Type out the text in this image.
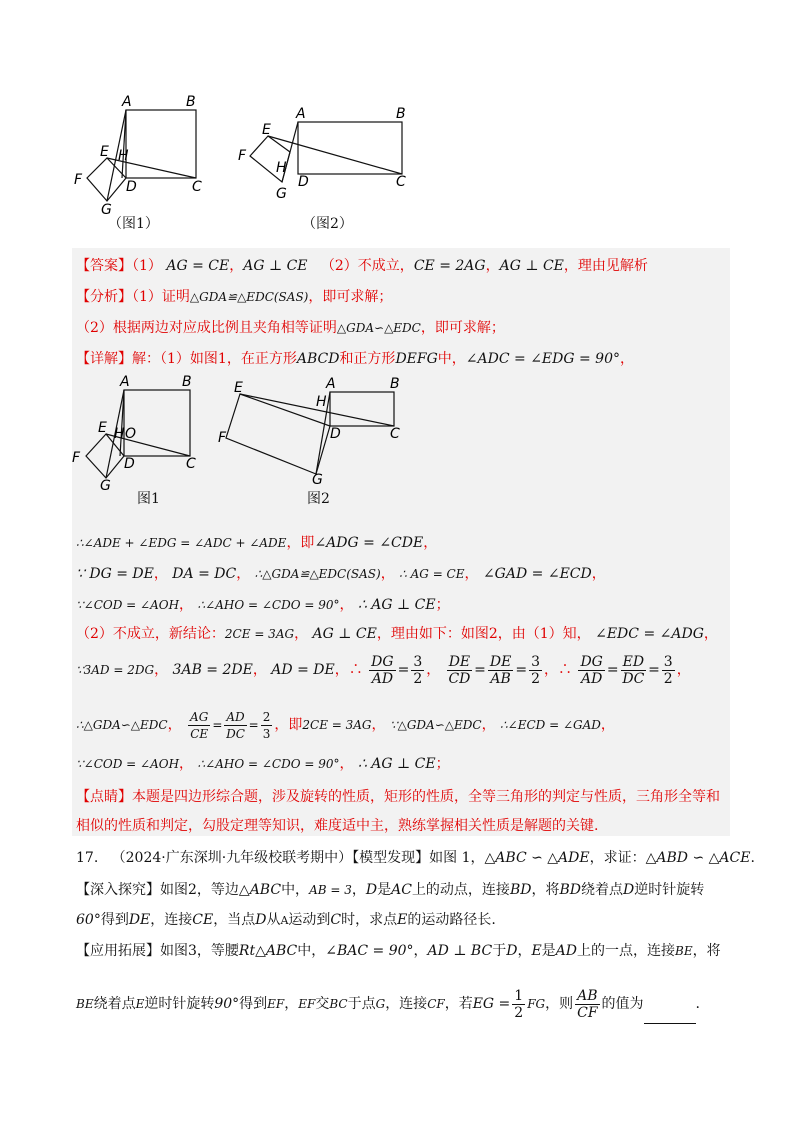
A	B
E H
F	D	C
G
（图1）
A	B
E
H
F
D	C
G
（图2）
【答案】（1） AG = CE，AG ⊥ CE （2）不成立，CE = 2AG，AG ⊥ CE，理由见解析
【分析】（1）证明△GDA≌△EDC(SAS)，即可求解；
（2）根据两边对应成比例且夹角相等证明△GDA∽△EDC，即可求解；
【详解】解：（1）如图1，在正方形ABCD和正方形DEFG中，∠ADC = ∠EDG = 90°，
A	B
E H O
F	D	C
G
图1
E	A	B
H
F	D	C
G
图2
∴∠ADE + ∠EDG = ∠ADC + ∠ADE，即∠ADG = ∠CDE，
∵ DG = DE， DA = DC， ∴△GDA≌△EDC(SAS)， ∴ AG = CE， ∠GAD = ∠ECD，
∵∠COD = ∠AOH， ∴∠AHO = ∠CDO = 90°， ∴ AG ⊥ CE；
（2）不成立，新结论：2CE = 3AG， AG ⊥ CE，理由如下：如图2，由（1）知， ∠EDC = ∠ADG，
∵3AD = 2DG， 3AB = 2DE， AD = DE，∴ $\frac{DG}{AD} = \frac{3}{2}$ ， $\frac{DE}{CD} = \frac{DE}{AB} = \frac{3}{2}$ ，∴ $\frac{DG}{AD} = \frac{ED}{DC} = \frac{3}{2}$ ，
∴△GDA∽△EDC， $\frac{AG}{CE} = \frac{AD}{DC} = \frac{2}{3}$ ，即2CE = 3AG， ∵△GDA∽△EDC， ∴∠ECD = ∠GAD，
∵∠COD = ∠AOH， ∴∠AHO = ∠CDO = 90°， ∴ AG ⊥ CE；
【点睛】本题是四边形综合题，涉及旋转的性质，矩形的性质，全等三角形的判定与性质，三角形全等和
相似的性质和判定，勾股定理等知识，难度适中主，熟练掌握相关性质是解题的关键.
17. （2024·广东深圳·九年级校联考期中）【模型发现】如图 1，△ABC ∽ △ADE，求证：△ABD ∽ △ACE.
【深入探究】如图2，等边△ABC中，AB = 3，D是AC上的动点，连接BD，将BD绕着点D逆时针旋转
60°得到DE，连接CE，当点D从A运动到C时，求点E的运动路径长.
【应用拓展】如图3，等腰Rt△ABC中，∠BAC = 90°，AD ⊥ BC于D，E是AD上的一点，连接BE，将
BE绕着点E逆时针旋转90°得到EF，EF交BC于点G，连接CF，若EG = $\frac{1}{2}$ FG，则 $\frac{AB}{CF}$ 的值为	.
